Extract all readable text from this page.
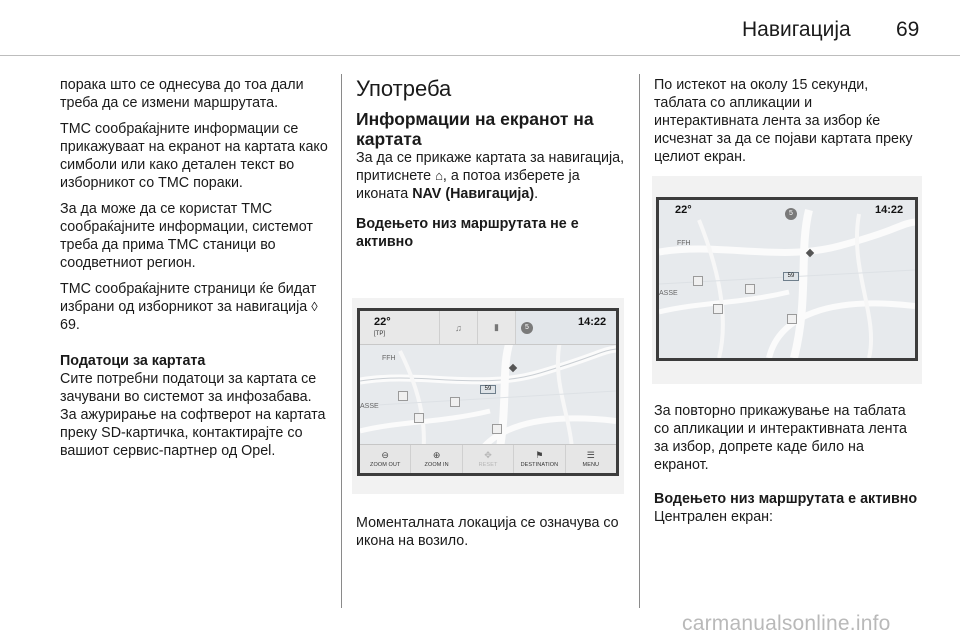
Навигација 69

порака што се однесува до тоа дали треба да се измени маршрутата.

TMC сообраќајните информации се прикажуваат на екранот на картата како симболи или како детален текст во изборникот со TMC пораки.

За да може да се користат TMC сообраќајните информации, системот треба да прима TMC станици во соодветниот регион.

TMC сообраќајните страници ќе бидат избрани од изборникот за навигација ◊ 69.

Податоци за картата

Сите потребни податоци за картата се зачувани во системот за инфозабава. За ажурирање на софтверот на картата преку SD-картичка, контактирајте со вашиот сервис-партнер од Opel.

Употреба
Информации на екранот на картата

За да се прикаже картата за навигација, притиснете ⌂, а потоа изберете ја иконата NAV (Навигација).

Водењето низ маршрутата не е активно

Моменталната локација се означува со икона на возило.

♫	▮
22°
[TP]
5	14:22
FFH
ASSE
59
⊖
ZOOM OUT
⊕
ZOOM IN
✥
RESET
⚑
DESTINATION
☰
MENU

По истекот на околу 15 секунди, таблата со апликации и интерактивната лента за избор ќе исчезнат за да се појави картата преку целиот екран.

22°	5	14:22
FFH
ASSE
59

За повторно прикажување на таблата со апликации и интерактивната лента за избор, допрете каде било на екранот.

Водењето низ маршрутата е активно

Централен екран:

carmanualsonline.info
